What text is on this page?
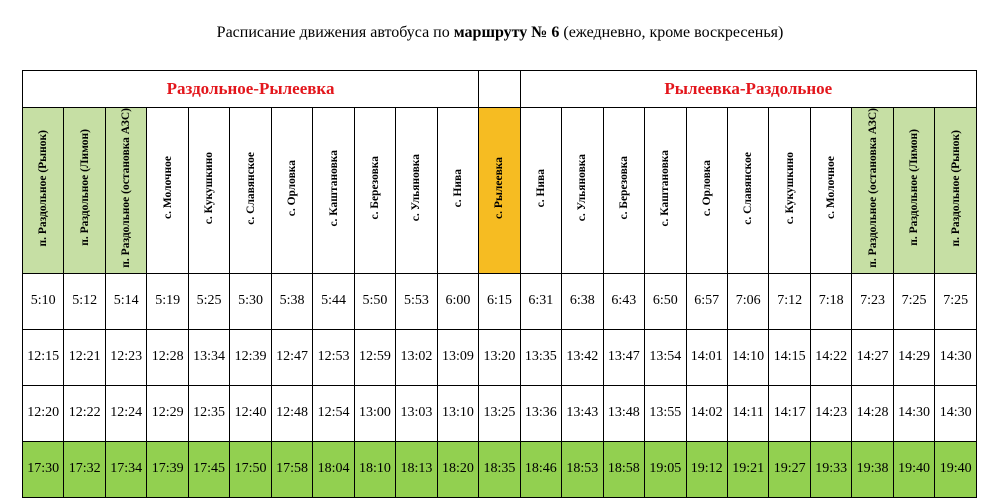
Расписание движения автобуса по маршруту № 6 (ежедневно, кроме воскресенья)
Раздольное-Рылеевка												Рылеевка-Раздольное										
п. Раздольное (Рынок)	п. Раздольное (Лимон)	п. Раздольное (остановка АЗС)	с. Молочное	с. Кукушкино	с. Славянское	с. Орловка	с. Каштановка	с. Березовка	с. Ульяновка	с. Нива	с. Рылеевка	с. Нива	с. Ульяновка	с. Березовка	с. Каштановка	с. Орловка	с. Славянское	с. Кукушкино	с. Молочное	п. Раздольное (остановка АЗС)	п. Раздольное (Лимон)	п. Раздольное (Рынок)
5:10	5:12	5:14	5:19	5:25	5:30	5:38	5:44	5:50	5:53	6:00	6:15	6:31	6:38	6:43	6:50	6:57	7:06	7:12	7:18	7:23	7:25	7:25
12:15	12:21	12:23	12:28	13:34	12:39	12:47	12:53	12:59	13:02	13:09	13:20	13:35	13:42	13:47	13:54	14:01	14:10	14:15	14:22	14:27	14:29	14:30
12:20	12:22	12:24	12:29	12:35	12:40	12:48	12:54	13:00	13:03	13:10	13:25	13:36	13:43	13:48	13:55	14:02	14:11	14:17	14:23	14:28	14:30	14:30
17:30	17:32	17:34	17:39	17:45	17:50	17:58	18:04	18:10	18:13	18:20	18:35	18:46	18:53	18:58	19:05	19:12	19:21	19:27	19:33	19:38	19:40	19:40
